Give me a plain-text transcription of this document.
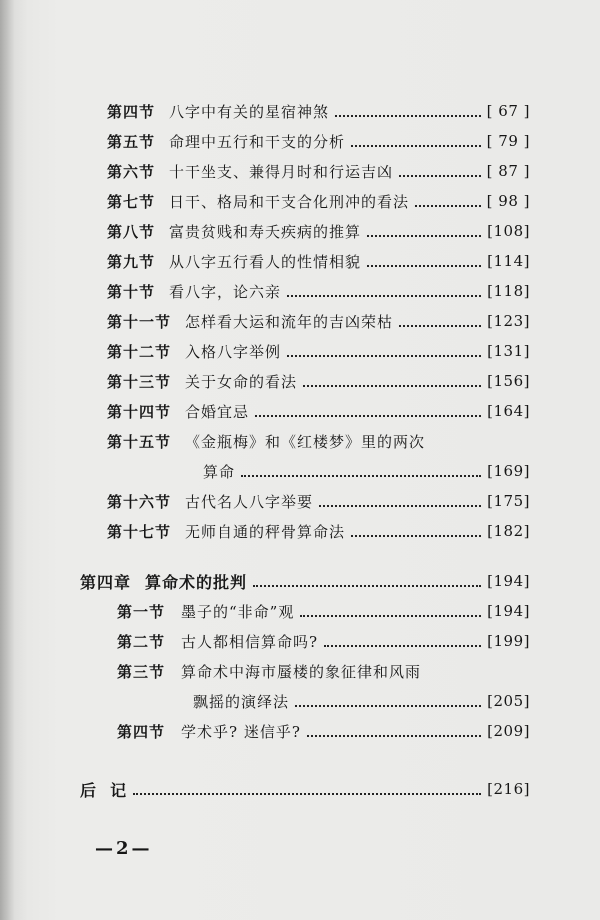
第四节 八字中有关的星宿神煞	[ 67 ]
第五节 命理中五行和干支的分析	[ 79 ]
第六节 十干坐支、兼得月时和行运吉凶	[ 87 ]
第七节 日干、格局和干支合化刑冲的看法	[ 98 ]
第八节 富贵贫贱和寿夭疾病的推算	[108]
第九节 从八字五行看人的性情相貌	[114]
第十节 看八字，论六亲	[118]
第十一节 怎样看大运和流年的吉凶荣枯	[123]
第十二节 入格八字举例	[131]
第十三节 关于女命的看法	[156]
第十四节 合婚宜忌	[164]
第十五节 《金瓶梅》和《红楼梦》里的两次
算命	[169]
第十六节 古代名人八字举要	[175]
第十七节 无师自通的秤骨算命法	[182]
第四章 算命术的批判	[194]
第一节 墨子的“非命”观	[194]
第二节 古人都相信算命吗?	[199]
第三节 算命术中海市蜃楼的象征律和风雨
飘摇的演绎法	[205]
第四节 学术乎? 迷信乎?	[209]
后  记	[216]
—2—
